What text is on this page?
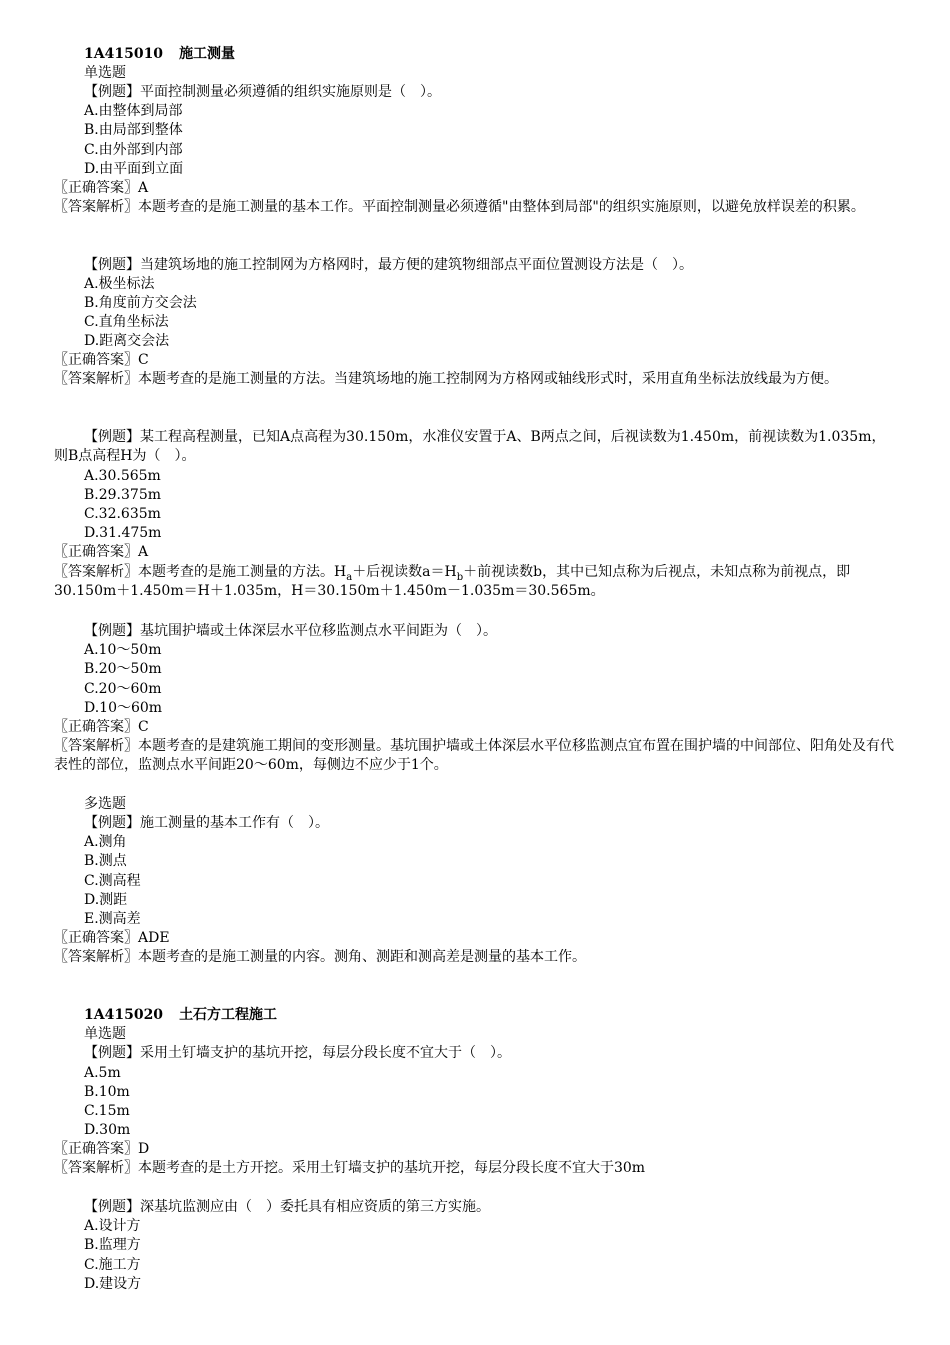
1A415010 施工测量
单选题
【例题】平面控制测量必须遵循的组织实施原则是（　）。
A.由整体到局部
B.由局部到整体
C.由外部到内部
D.由平面到立面
〖正确答案〗A
〖答案解析〗本题考查的是施工测量的基本工作。平面控制测量必须遵循"由整体到局部"的组织实施原则，以避免放样误差的积累。
【例题】当建筑场地的施工控制网为方格网时，最方便的建筑物细部点平面位置测设方法是（　）。
A.极坐标法
B.角度前方交会法
C.直角坐标法
D.距离交会法
〖正确答案〗C
〖答案解析〗本题考查的是施工测量的方法。当建筑场地的施工控制网为方格网或轴线形式时，采用直角坐标法放线最为方便。
【例题】某工程高程测量，已知A点高程为30.150m，水准仪安置于A、B两点之间，后视读数为1.450m，前视读数为1.035m，则B点高程H为（　）。
A.30.565m
B.29.375m
C.32.635m
D.31.475m
〖正确答案〗A
〖答案解析〗本题考查的是施工测量的方法。$H_a+$后视读数$a=H_b+$前视读数b，其中已知点称为后视点，未知点称为前视点，即30.150m＋1.450m＝H＋1.035m，H＝30.150m＋1.450m－1.035m＝30.565m。
【例题】基坑围护墙或土体深层水平位移监测点水平间距为（　）。
A.10～50m
B.20～50m
C.20～60m
D.10～60m
〖正确答案〗C
〖答案解析〗本题考查的是建筑施工期间的变形测量。基坑围护墙或土体深层水平位移监测点宜布置在围护墙的中间部位、阳角处及有代表性的部位，监测点水平间距20～60m，每侧边不应少于1个。
多选题
【例题】施工测量的基本工作有（　）。
A.测角
B.测点
C.测高程
D.测距
E.测高差
〖正确答案〗ADE
〖答案解析〗本题考查的是施工测量的内容。测角、测距和测高差是测量的基本工作。
1A415020 土石方工程施工
单选题
【例题】采用土钉墙支护的基坑开挖，每层分段长度不宜大于（　）。
A.5m
B.10m
C.15m
D.30m
〖正确答案〗D
〖答案解析〗本题考查的是土方开挖。采用土钉墙支护的基坑开挖，每层分段长度不宜大于30m
【例题】深基坑监测应由（　）委托具有相应资质的第三方实施。
A.设计方
B.监理方
C.施工方
D.建设方
